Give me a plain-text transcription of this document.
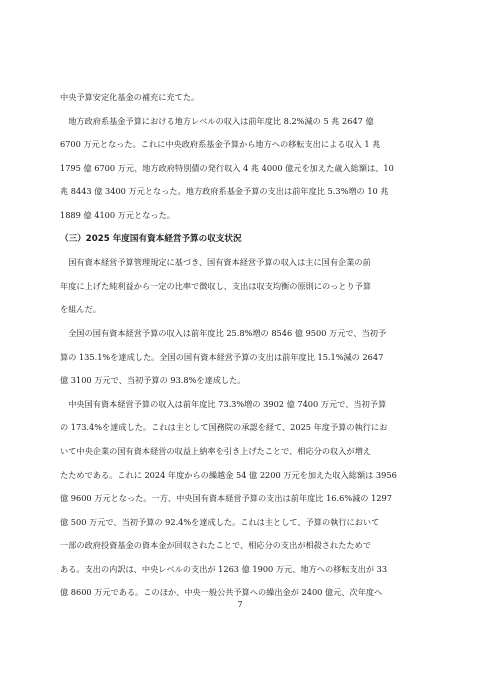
中央予算安定化基金の補充に充てた。
　地方政府系基金予算における地方レベルの収入は前年度比 8.2%減の 5 兆 2647 億
6700 万元となった。これに中央政府系基金予算から地方への移転支出による収入 1 兆
1795 億 6700 万元、地方政府特別債の発行収入 4 兆 4000 億元を加えた歳入総額は、10
兆 8443 億 3400 万元となった。地方政府系基金予算の支出は前年度比 5.3%増の 10 兆
1889 億 4100 万元となった。
（三）2025 年度国有資本経営予算の収支状況
　国有資本経営予算管理規定に基づき、国有資本経営予算の収入は主に国有企業の前
年度に上げた純利益から一定の比率で徴収し、支出は収支均衡の原則にのっとり予算
を組んだ。
　全国の国有資本経営予算の収入は前年度比 25.8%増の 8546 億 9500 万元で、当初予
算の 135.1%を達成した。全国の国有資本経営予算の支出は前年度比 15.1%減の 2647
億 3100 万元で、当初予算の 93.8%を達成した。
　中央国有資本経営予算の収入は前年度比 73.3%増の 3902 億 7400 万元で、当初予算
の 173.4%を達成した。これは主として国務院の承認を経て、2025 年度予算の執行にお
いて中央企業の国有資本経営の収益上納率を引き上げたことで、相応分の収入が増え
たためである。これに 2024 年度からの繰越金 54 億 2200 万元を加えた収入総額は 3956
億 9600 万元となった。一方、中央国有資本経営予算の支出は前年度比 16.6%減の 1297
億 500 万元で、当初予算の 92.4%を達成した。これは主として、予算の執行において
一部の政府投資基金の資本金が回収されたことで、相応分の支出が相殺されたためで
ある。支出の内訳は、中央レベルの支出が 1263 億 1900 万元、地方への移転支出が 33
億 8600 万元である。このほか、中央一般公共予算への繰出金が 2400 億元、次年度へ
7
